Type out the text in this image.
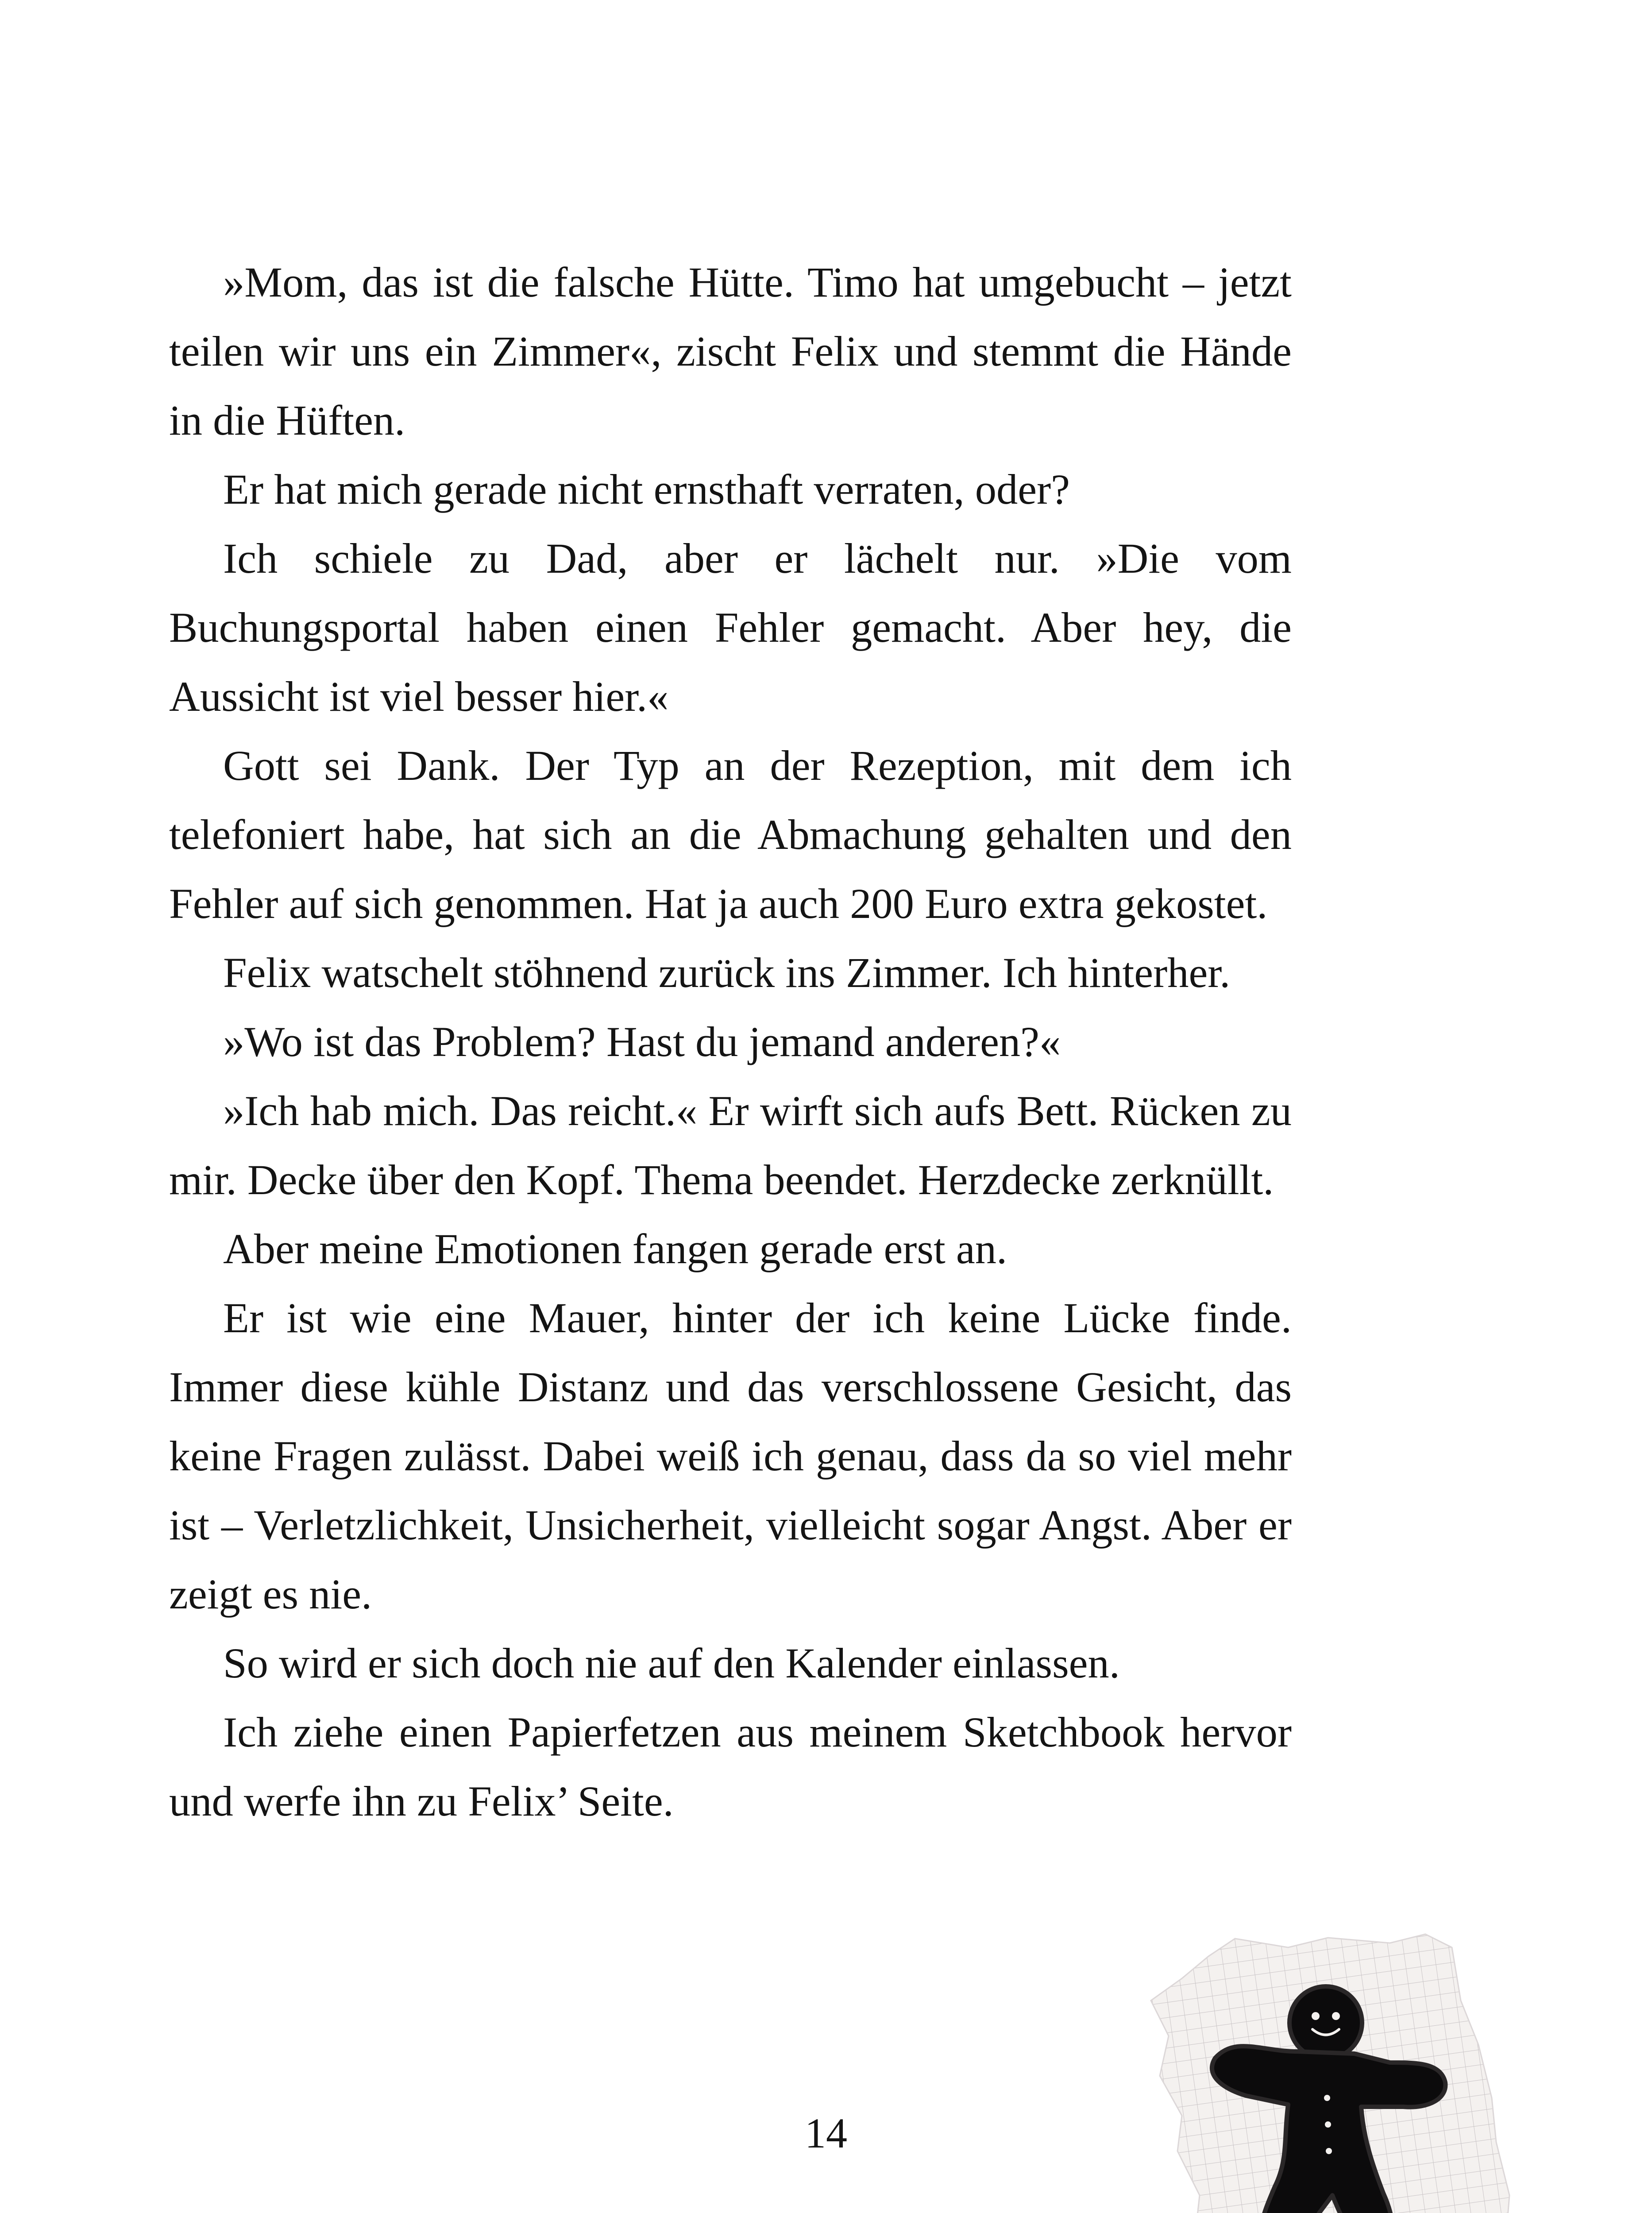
»Mom, das ist die falsche Hütte. Timo hat umgebucht – jetzt teilen wir uns ein Zimmer«, zischt Felix und stemmt die Hände in die Hüften.

Er hat mich gerade nicht ernsthaft verraten, oder?

Ich schiele zu Dad, aber er lächelt nur. »Die vom Buchungsportal haben einen Fehler gemacht. Aber hey, die Aussicht ist viel besser hier.«

Gott sei Dank. Der Typ an der Rezeption, mit dem ich telefoniert habe, hat sich an die Abmachung gehalten und den Fehler auf sich genommen. Hat ja auch 200 Euro extra gekostet.

Felix watschelt stöhnend zurück ins Zimmer. Ich hinterher.

»Wo ist das Problem? Hast du jemand anderen?«

»Ich hab mich. Das reicht.« Er wirft sich aufs Bett. Rücken zu mir. Decke über den Kopf. Thema beendet. Herzdecke zerknüllt.

Aber meine Emotionen fangen gerade erst an.

Er ist wie eine Mauer, hinter der ich keine Lücke finde. Immer diese kühle Distanz und das verschlossene Gesicht, das keine Fragen zulässt. Dabei weiß ich genau, dass da so viel mehr ist – Verletzlichkeit, Unsicherheit, vielleicht sogar Angst. Aber er zeigt es nie.

So wird er sich doch nie auf den Kalender einlassen.

Ich ziehe einen Papierfetzen aus meinem Sketchbook hervor und werfe ihn zu Felix’ Seite.

14
